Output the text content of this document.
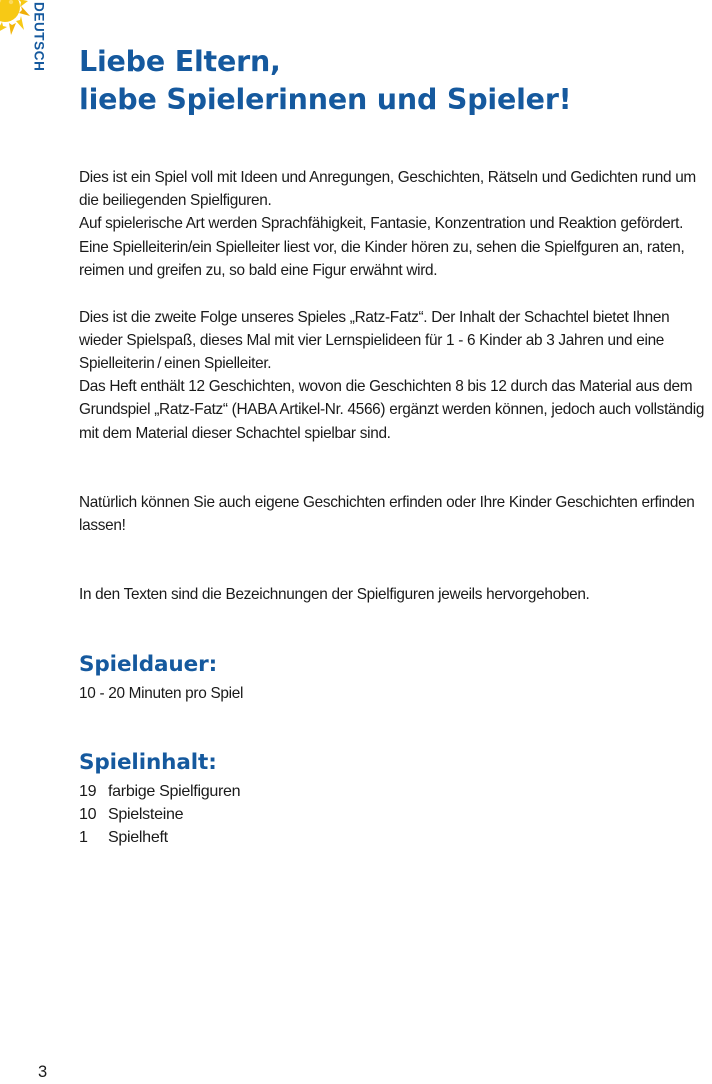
DEUTSCH Liebe Eltern,
liebe Spielerinnen und Spieler!

Dies ist ein Spiel voll mit Ideen und Anregungen, Geschichten, Rätseln und Gedichten rund um die beiliegenden Spielfiguren.

Auf spielerische Art werden Sprachfähigkeit, Fantasie, Konzentration und Reaktion gefördert. Eine Spielleiterin/ein Spielleiter liest vor, die Kinder hören zu, sehen die Spielfguren an, raten, reimen und greifen zu, so bald eine Figur erwähnt wird.

Dies ist die zweite Folge unseres Spieles „Ratz-Fatz“. Der Inhalt der Schachtel bietet Ihnen wieder Spielspaß, dieses Mal mit vier Lernspielideen für 1 - 6 Kinder ab 3 Jahren und eine Spielleiterin / einen Spielleiter.

Das Heft enthält 12 Geschichten, wovon die Geschichten 8 bis 12 durch das Material aus dem Grundspiel „Ratz-Fatz“ (HABA Artikel-Nr. 4566) ergänzt werden können, jedoch auch vollständig mit dem Material dieser Schachtel spielbar sind.

Natürlich können Sie auch eigene Geschichten erfinden oder Ihre Kinder Geschichten erfinden lassen!

In den Texten sind die Bezeichnungen der Spielfiguren jeweils hervorgehoben.

Spieldauer:

10 - 20 Minuten pro Spiel

Spielinhalt:
19 farbige Spielfiguren
10 Spielsteine
1	Spielheft
3
